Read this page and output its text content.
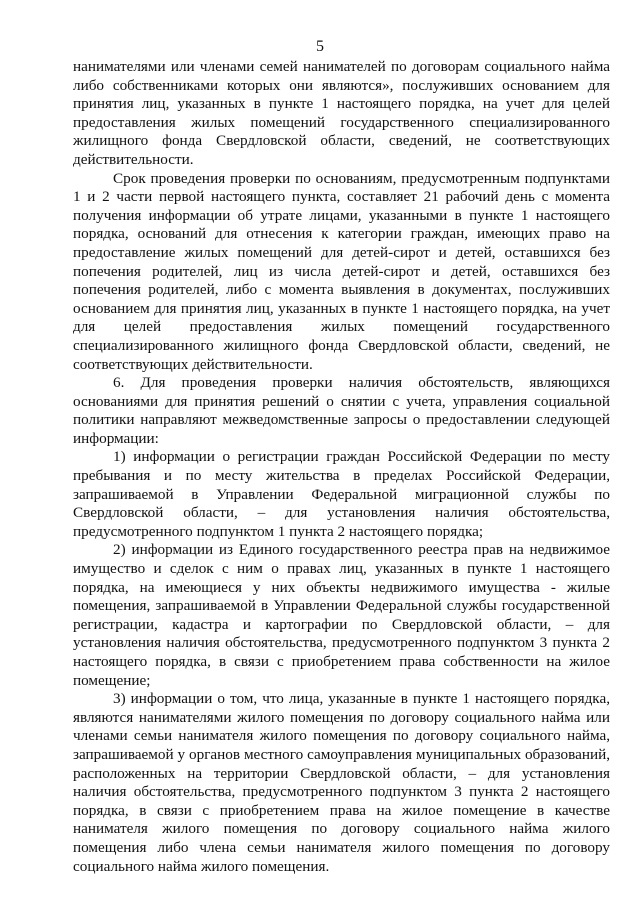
5

нанимателями или членами семей нанимателей по договорам социального найма либо собственниками которых они являются», послуживших основанием для принятия лиц, указанных в пункте 1 настоящего порядка, на учет для целей предоставления жилых помещений государственного специализированного жилищного фонда Свердловской области, сведений, не соответствующих действительности.

Срок проведения проверки по основаниям, предусмотренным подпунктами 1 и 2 части первой настоящего пункта, составляет 21 рабочий день с момента получения информации об утрате лицами, указанными в пункте 1 настоящего порядка, оснований для отнесения к категории граждан, имеющих право на предоставление жилых помещений для детей-сирот и детей, оставшихся без попечения родителей, лиц из числа детей-сирот и детей, оставшихся без попечения родителей, либо с момента выявления в документах, послуживших основанием для принятия лиц, указанных в пункте 1 настоящего порядка, на учет для целей предоставления жилых помещений государственного специализированного жилищного фонда Свердловской области, сведений, не соответствующих действительности.

6. Для проведения проверки наличия обстоятельств, являющихся основаниями для принятия решений о снятии с учета, управления социальной политики направляют межведомственные запросы о предоставлении следующей информации:

1) информации о регистрации граждан Российской Федерации по месту пребывания и по месту жительства в пределах Российской Федерации, запрашиваемой в Управлении Федеральной миграционной службы по Свердловской области, – для установления наличия обстоятельства, предусмотренного подпунктом 1 пункта 2 настоящего порядка;

2) информации из Единого государственного реестра прав на недвижимое имущество и сделок с ним о правах лиц, указанных в пункте 1 настоящего порядка, на имеющиеся у них объекты недвижимого имущества - жилые помещения, запрашиваемой в Управлении Федеральной службы государственной регистрации, кадастра и картографии по Свердловской области, – для установления наличия обстоятельства, предусмотренного подпунктом 3 пункта 2 настоящего порядка, в связи с приобретением права собственности на жилое помещение;

3) информации о том, что лица, указанные в пункте 1 настоящего порядка, являются нанимателями жилого помещения по договору социального найма или членами семьи нанимателя жилого помещения по договору социального найма, запрашиваемой у органов местного самоуправления муниципальных образований, расположенных на территории Свердловской области, – для установления наличия обстоятельства, предусмотренного подпунктом 3 пункта 2 настоящего порядка, в связи с приобретением права на жилое помещение в качестве нанимателя жилого помещения по договору социального найма жилого помещения либо члена семьи нанимателя жилого помещения по договору социального найма жилого помещения.
